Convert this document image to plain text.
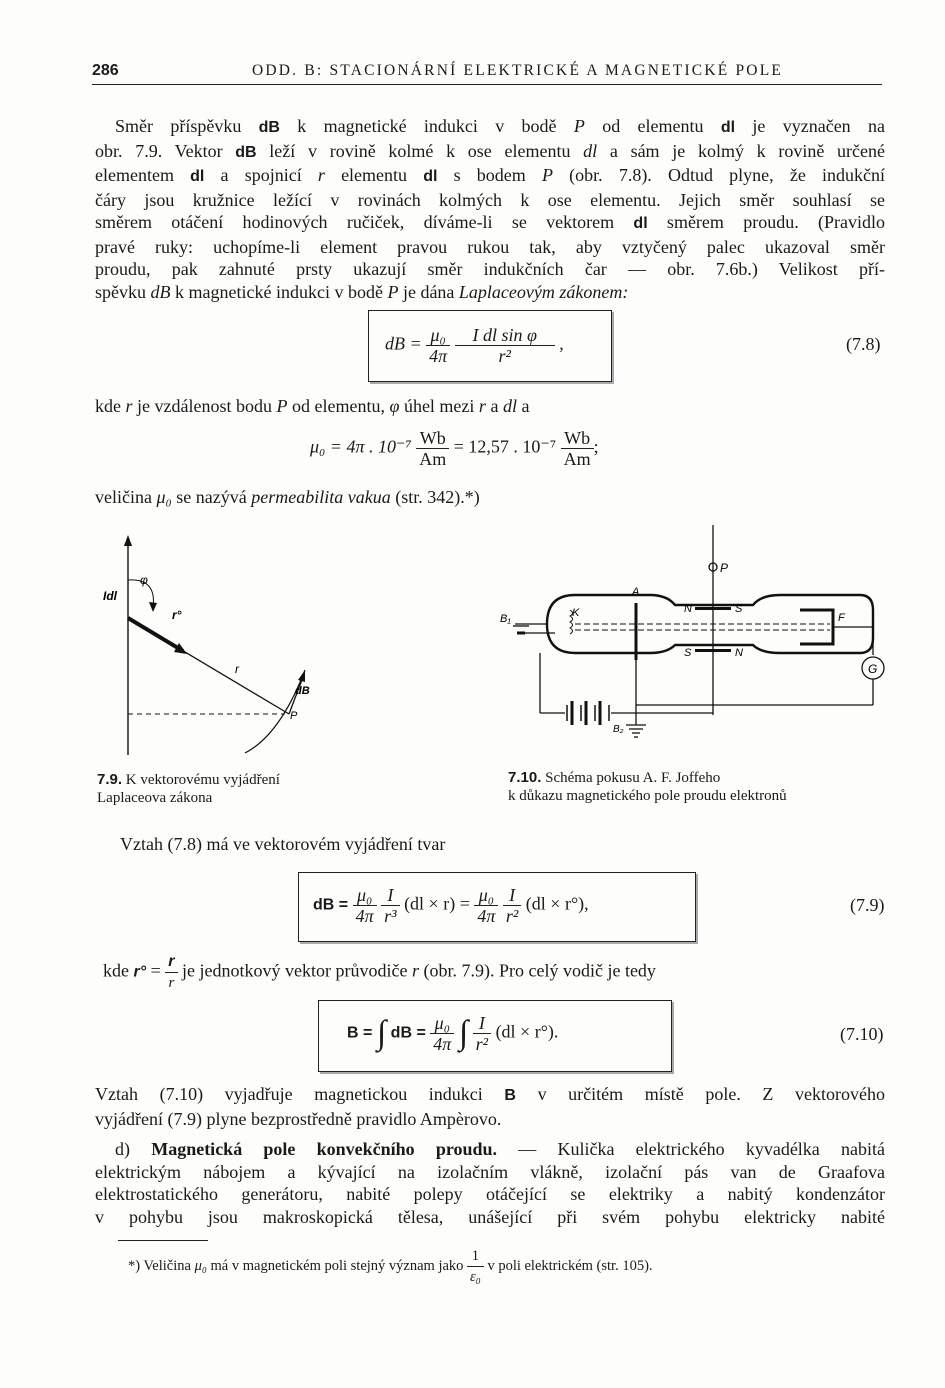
286	ODD. B: STACIONÁRNÍ ELEKTRICKÉ A MAGNETICKÉ POLE
Směr příspěvku dB k magnetické indukci v bodě P od elementu dl je vyznačen na
obr. 7.9. Vektor dB leží v rovině kolmé k ose elementu dl a sám je kolmý k rovině určené
elementem dl a spojnicí r elementu dl s bodem P (obr. 7.8). Odtud plyne, že indukční
čáry jsou kružnice ležící v rovinách kolmých k ose elementu. Jejich směr souhlasí se
směrem otáčení hodinových ručiček, díváme-li se vektorem dl směrem proudu. (Pravidlo
pravé ruky: uchopíme-li element pravou rukou tak, aby vztyčený palec ukazoval směr
proudu, pak zahnuté prsty ukazují směr indukčních čar — obr. 7.6b.) Velikost pří-
spěvku dB k magnetické indukci v bodě P je dána Laplaceovým zákonem:
dB = $\frac{\text{μ₀}}{4\pi}$
$\frac{\text{I dl sin φ}}{\text{r²}}$ ,	(7.8)
kde r je vzdálenost bodu P od elementu, φ úhel mezi r a dl a
μ₀ = 4π . $10^{-7} \frac{Wb}{Am} = 12,57$ . $10^{-7} \frac{Wb}{Am}$ ;
veličina μ₀ se nazývá permeabilita vakua (str. 342).*)
Idl
φ
r°
r
dB
P
7.9. K vektorovému vyjádření
Laplaceova zákona
P
A
K	F
N	S
S	N
B₁
B₂
G
7.10. Schéma pokusu A. F. Joffeho
k důkazu magnetického pole proudu elektronů
Vztah (7.8) má ve vektorovém vyjádření tvar
dB = $\frac{\text{μ₀}}{4\pi}$
$\frac{I}{\text{r³}} (dl \times r) = \frac{\text{μ₀}}{4\pi}$
$\frac{I}{\text{r²}} (dl \times r^\circ)$,	(7.9)
kde $r^\circ = \frac{r}{r}$ je jednotkový vektor průvodiče r (obr. 7.9). Pro celý vodič je tedy
B = ∫ dB = $\frac{\text{μ₀}}{4\pi}$ ∫ $\frac{I}{\text{r²}} (dl \times r^\circ)$.	(7.10)
Vztah (7.10) vyjadřuje magnetickou indukci B v určitém místě pole. Z vektorového
vyjádření (7.9) plyne bezprostředně pravidlo Ampèrovo.
d) Magnetická pole konvekčního proudu. — Kulička elektrického kyvadélka nabitá
elektrickým nábojem a kývající na izolačním vlákně, izolační pás van de Graafova
elektrostatického generátoru, nabité polepy otáčející se elektriky a nabitý kondenzátor
v pohybu jsou makroskopická tělesa, unášející při svém pohybu elektricky nabité
*) Veličina μ₀ má v magnetickém poli stejný význam jako $\frac{1}{\text{ε₀}}$ v poli elektrickém (str. 105).
